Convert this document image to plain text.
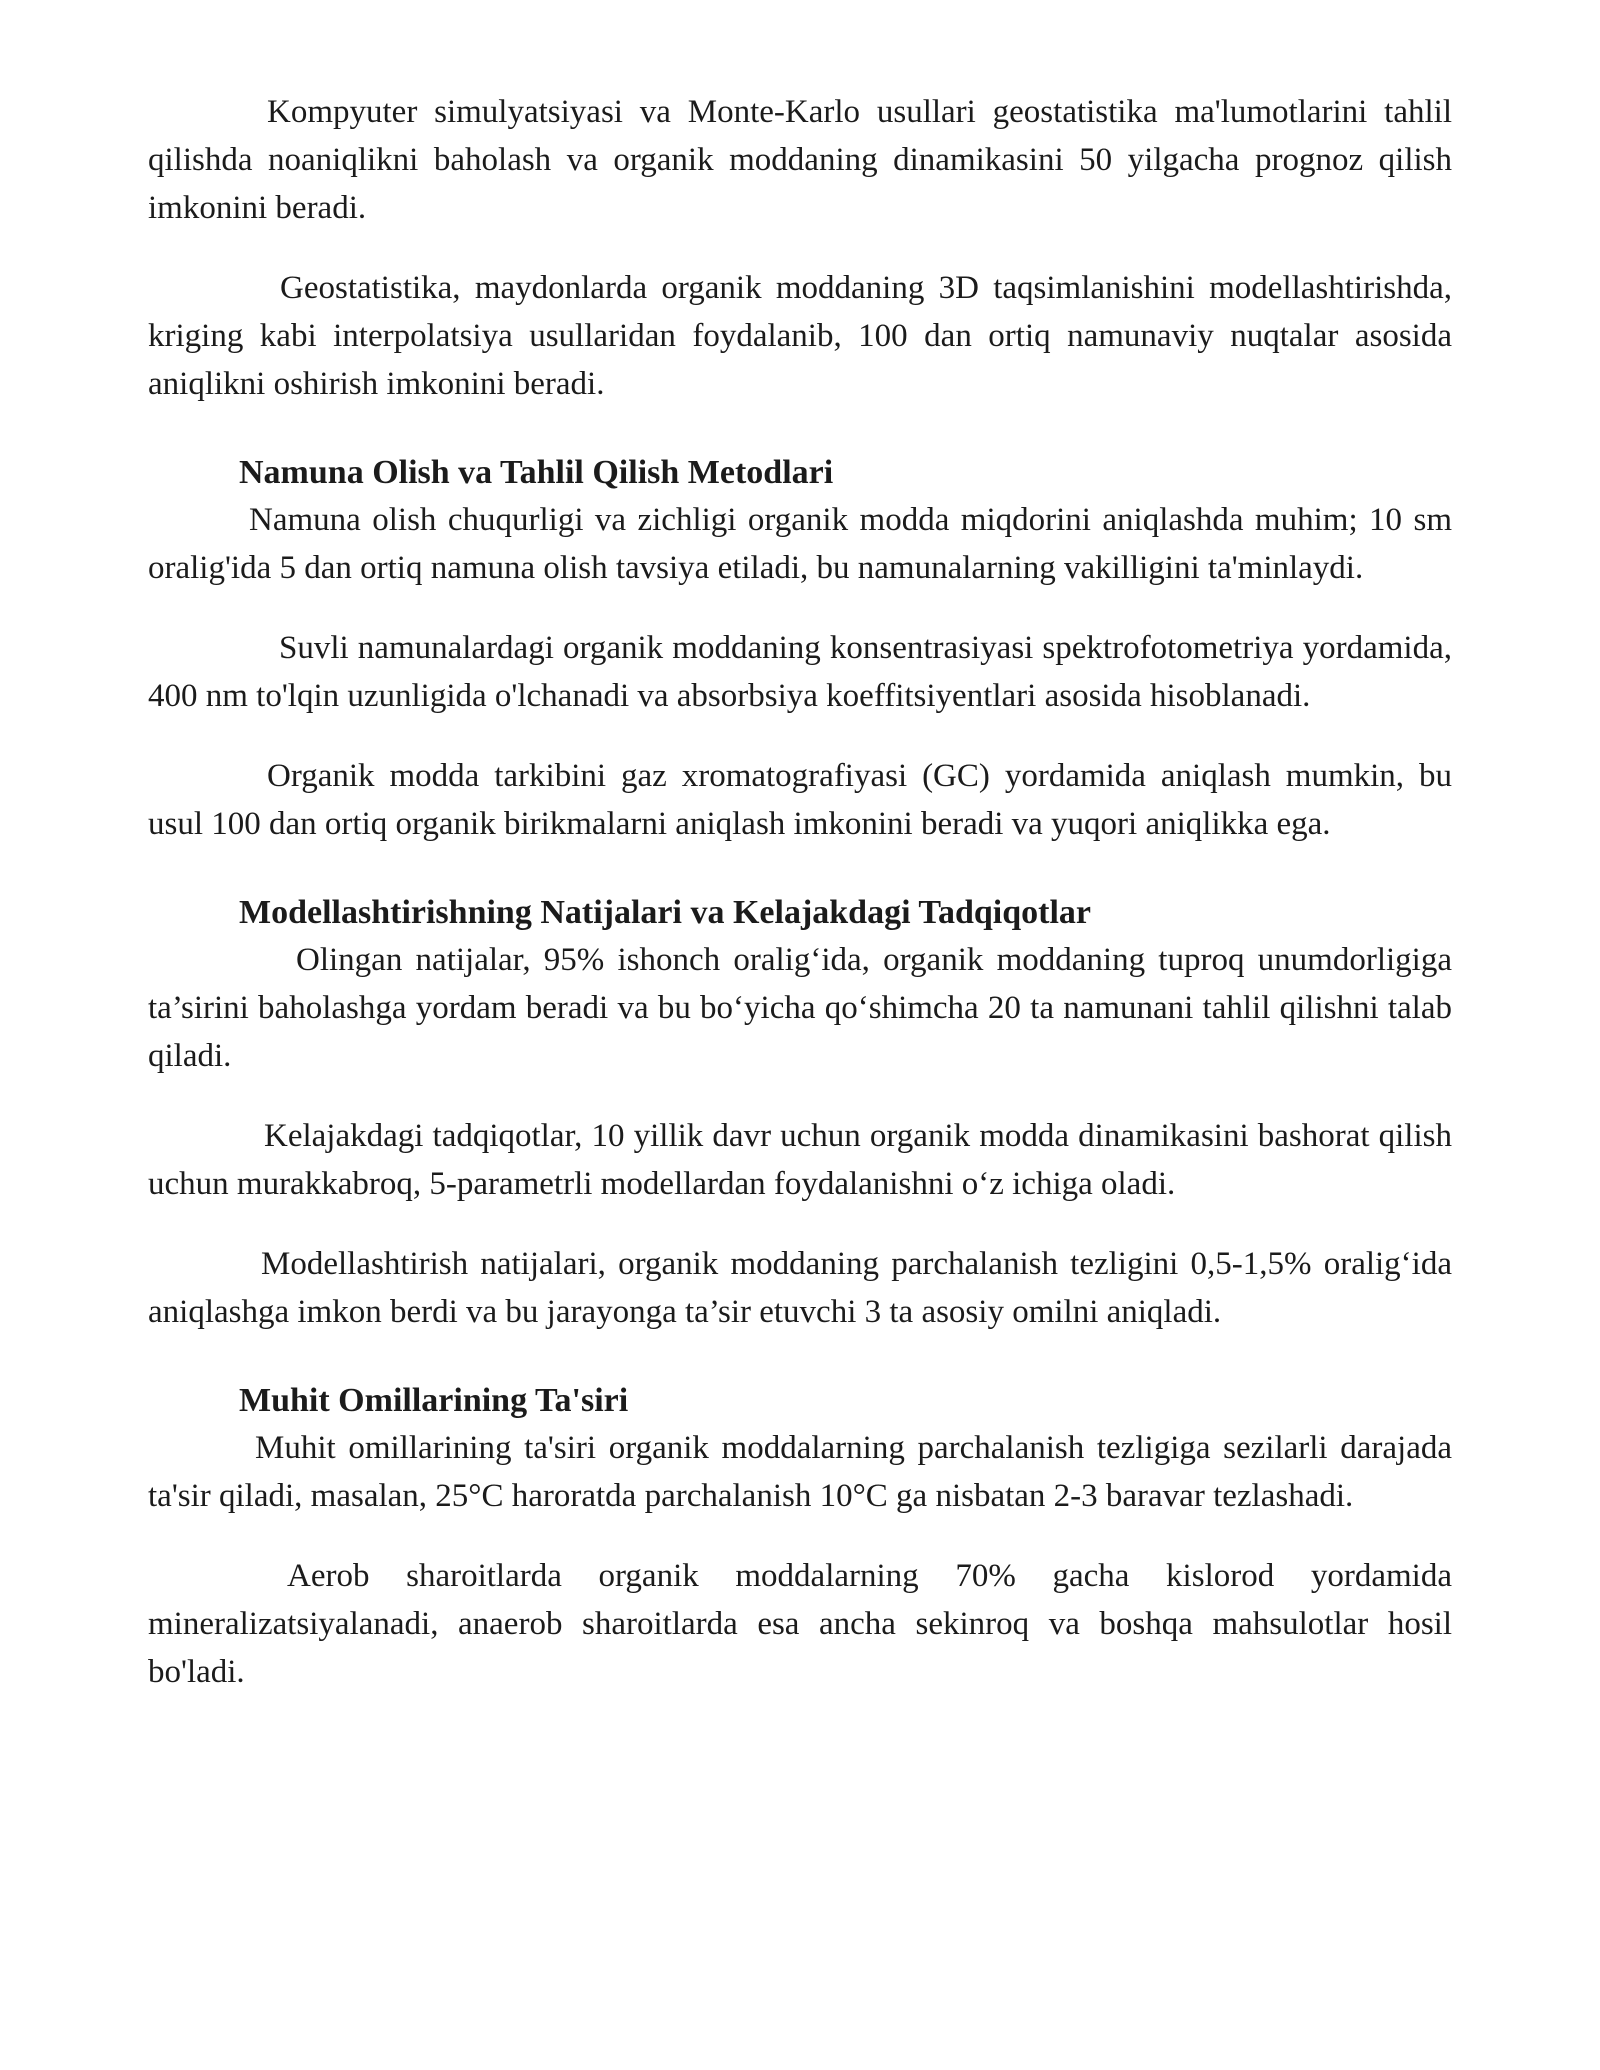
Kompyuter simulyatsiyasi va Monte-Karlo usullari geostatistika ma'lumotlarini tahlil qilishda noaniqlikni baholash va organik moddaning dinamikasini 50 yilgacha prognoz qilish imkonini beradi.

Geostatistika, maydonlarda organik moddaning 3D taqsimlanishini modellashtirishda, kriging kabi interpolatsiya usullaridan foydalanib, 100 dan ortiq namunaviy nuqtalar asosida aniqlikni oshirish imkonini beradi.

Namuna Olish va Tahlil Qilish Metodlari

Namuna olish chuqurligi va zichligi organik modda miqdorini aniqlashda muhim; 10 sm oralig'ida 5 dan ortiq namuna olish tavsiya etiladi, bu namunalarning vakilligini ta'minlaydi.

Suvli namunalardagi organik moddaning konsentrasiyasi spektrofotometriya yordamida, 400 nm to'lqin uzunligida o'lchanadi va absorbsiya koeffitsiyentlari asosida hisoblanadi.

Organik modda tarkibini gaz xromatografiyasi (GC) yordamida aniqlash mumkin, bu usul 100 dan ortiq organik birikmalarni aniqlash imkonini beradi va yuqori aniqlikka ega.

Modellashtirishning Natijalari va Kelajakdagi Tadqiqotlar

Olingan natijalar, 95% ishonch oralig‘ida, organik moddaning tuproq unumdorligiga ta’sirini baholashga yordam beradi va bu bo‘yicha qo‘shimcha 20 ta namunani tahlil qilishni talab qiladi.

Kelajakdagi tadqiqotlar, 10 yillik davr uchun organik modda dinamikasini bashorat qilish uchun murakkabroq, 5-parametrli modellardan foydalanishni o‘z ichiga oladi.

Modellashtirish natijalari, organik moddaning parchalanish tezligini 0,5-1,5% oralig‘ida aniqlashga imkon berdi va bu jarayonga ta’sir etuvchi 3 ta asosiy omilni aniqladi.

Muhit Omillarining Ta'siri

Muhit omillarining ta'siri organik moddalarning parchalanish tezligiga sezilarli darajada ta'sir qiladi, masalan, 25°C haroratda parchalanish 10°C ga nisbatan 2-3 baravar tezlashadi.

Aerob sharoitlarda organik moddalarning 70% gacha kislorod yordamida mineralizatsiyalanadi, anaerob sharoitlarda esa ancha sekinroq va boshqa mahsulotlar hosil bo'ladi.
